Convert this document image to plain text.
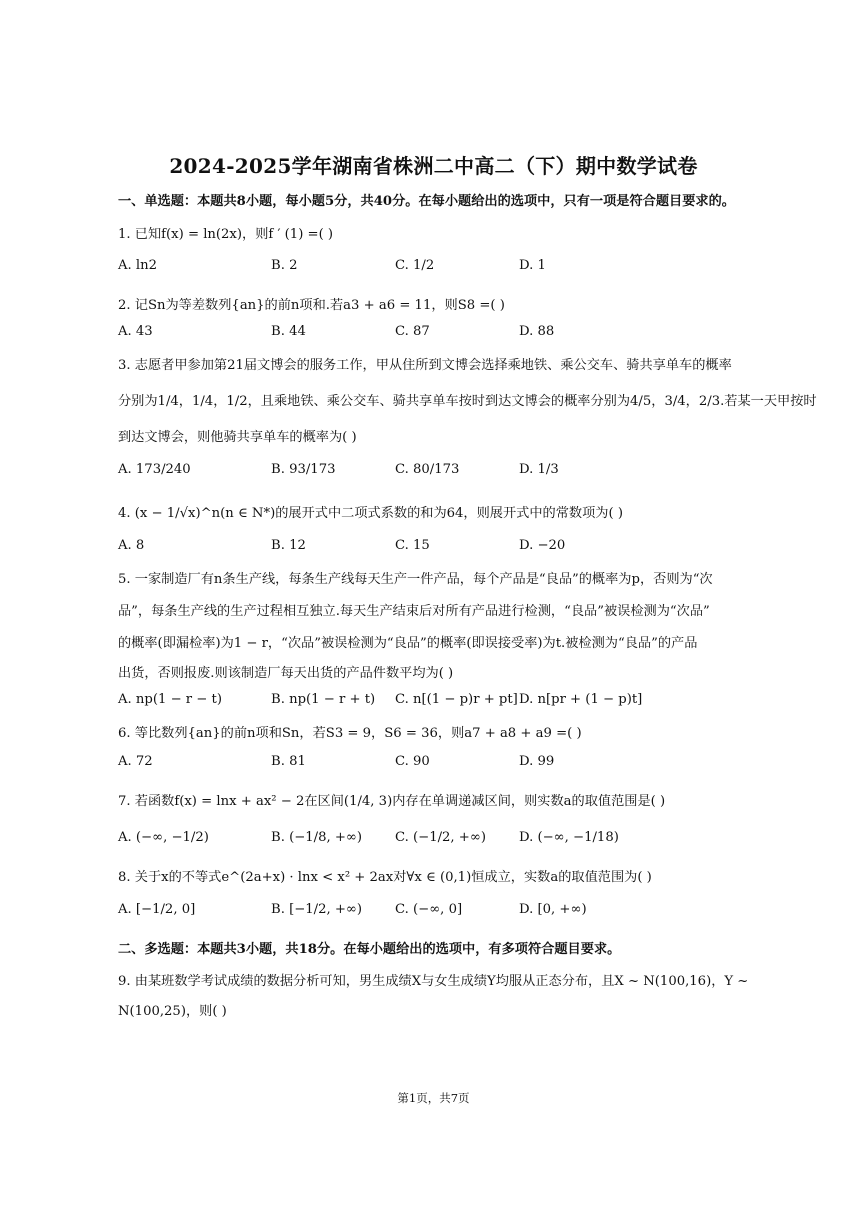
2024-2025学年湖南省株洲二中高二（下）期中数学试卷
一、单选题：本题共8小题，每小题5分，共40分。在每小题给出的选项中，只有一项是符合题目要求的。
1. 已知f(x) = ln(2x)，则f ′ (1) =( )
A. ln2	B. 2	C. 1/2	D. 1
2. 记Sn为等差数列{an}的前n项和.若a3 + a6 = 11，则S8 =( )
A. 43	B. 44	C. 87	D. 88
3. 志愿者甲参加第21届文博会的服务工作，甲从住所到文博会选择乘地铁、乘公交车、骑共享单车的概率
分别为1/4，1/4，1/2，且乘地铁、乘公交车、骑共享单车按时到达文博会的概率分别为4/5，3/4，2/3.若某一天甲按时
到达文博会，则他骑共享单车的概率为( )
A. 173/240	B. 93/173	C. 80/173	D. 1/3
4. (x − 1/√x)^n(n ∈ N*)的展开式中二项式系数的和为64，则展开式中的常数项为( )
A. 8	B. 12	C. 15	D. −20
5. 一家制造厂有n条生产线，每条生产线每天生产一件产品，每个产品是“良品”的概率为p，否则为“次
品”，每条生产线的生产过程相互独立.每天生产结束后对所有产品进行检测，“良品”被误检测为“次品”
的概率(即漏检率)为1 − r，“次品”被误检测为“良品”的概率(即误接受率)为t.被检测为“良品”的产品
出货，否则报废.则该制造厂每天出货的产品件数平均为( )
A. np(1 − r − t)	B. np(1 − r + t) C. n[(1 − p)r + pt] D. n[pr + (1 − p)t]
6. 等比数列{an}的前n项和Sn，若S3 = 9，S6 = 36，则a7 + a8 + a9 =( )
A. 72	B. 81	C. 90	D. 99
7. 若函数f(x) = lnx + ax² − 2在区间(1/4, 3)内存在单调递减区间，则实数a的取值范围是( )
A. (−∞, −1/2)	B. (−1/8, +∞) C. (−1/2, +∞)	D. (−∞, −1/18)
8. 关于x的不等式e^(2a+x) · lnx < x² + 2ax对∀x ∈ (0,1)恒成立，实数a的取值范围为( )
A. [−1/2, 0]	B. [−1/2, +∞) C. (−∞, 0]	D. [0, +∞)
二、多选题：本题共3小题，共18分。在每小题给出的选项中，有多项符合题目要求。
9. 由某班数学考试成绩的数据分析可知，男生成绩X与女生成绩Y均服从正态分布，且X ~ N(100,16)，Y ~
N(100,25)，则( )
第1页，共7页
